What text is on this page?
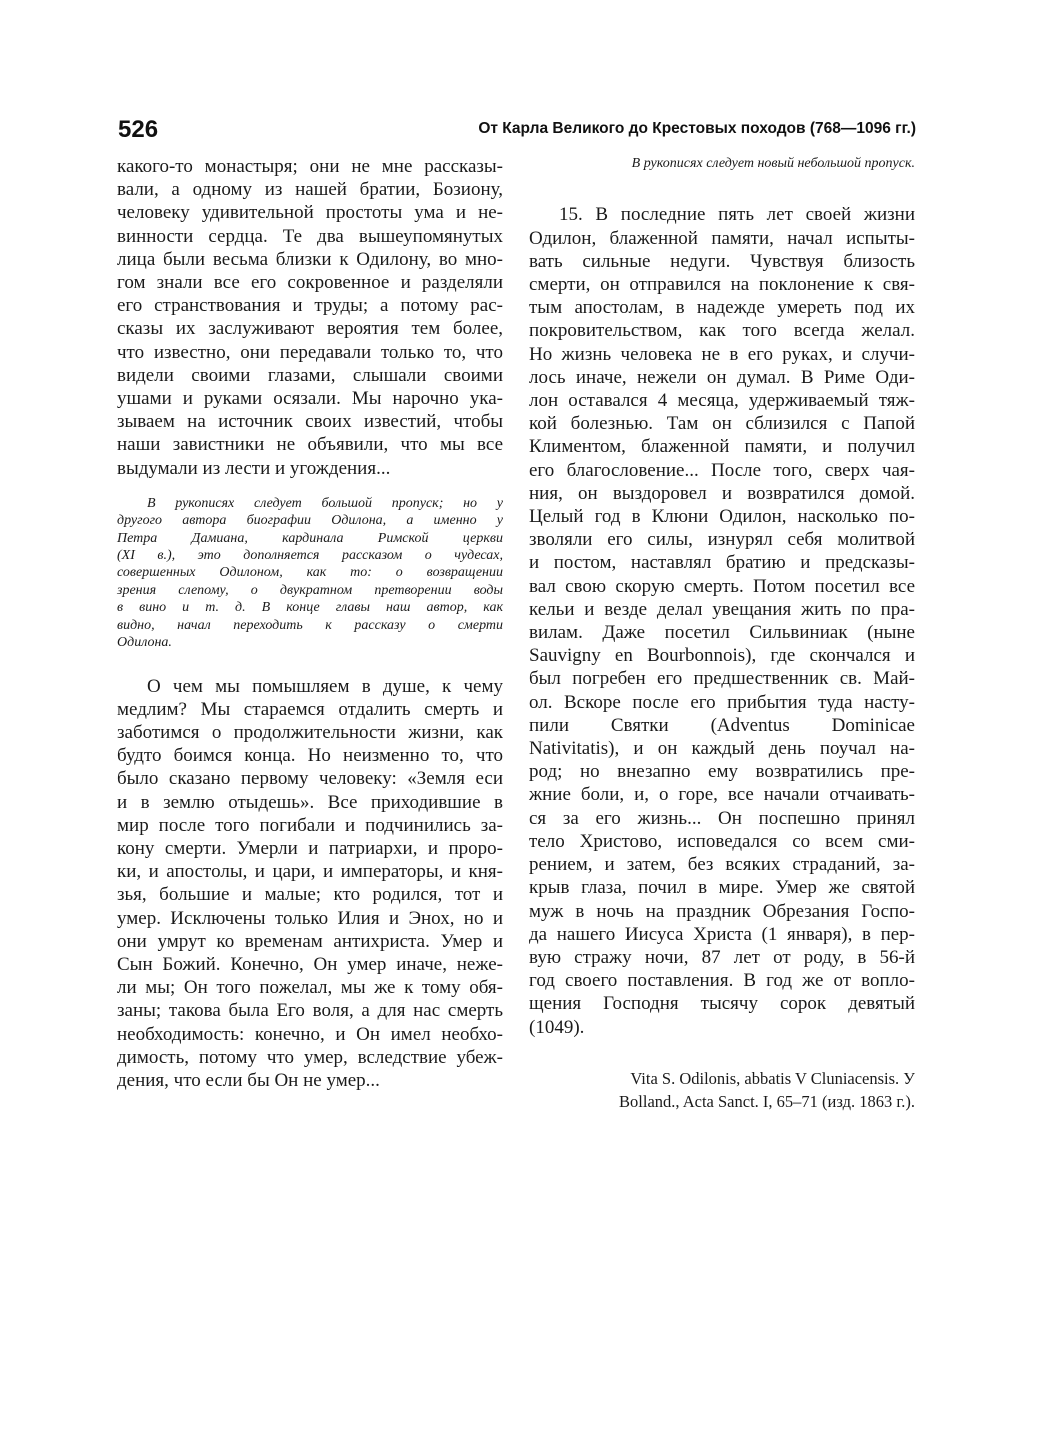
526	От Карла Великого до Крестовых походов (768—1096 гг.)
какого-то монастыря; они не мне рассказы-
вали, а одному из нашей братии, Бозиону,
человеку удивительной простоты ума и не-
винности сердца. Те два вышеупомянутых
лица были весьма близки к Одилону, во мно-
гом знали все его сокровенное и разделяли
его странствования и труды; а потому рас-
сказы их заслуживают вероятия тем более,
что известно, они передавали только то, что
видели своими глазами, слышали своими
ушами и руками осязали. Мы нарочно ука-
зываем на источник своих известий, чтобы
наши завистники не объявили, что мы все
выдумали из лести и угождения...
В рукописях следует большой пропуск; но у
другого автора биографии Одилона, а именно у
Петра Дамиана, кардинала Римской церкви
(XI в.), это дополняется рассказом о чудесах,
совершенных Одилоном, как то: о возвращении
зрения слепому, о двукратном претворении воды
в вино и т. д. В конце главы наш автор, как
видно, начал переходить к рассказу о смерти
Одилона.
О чем мы помышляем в душе, к чему
медлим? Мы стараемся отдалить смерть и
заботимся о продолжительности жизни, как
будто боимся конца. Но неизменно то, что
было сказано первому человеку: «Земля еси
и в землю отыдешь». Все приходившие в
мир после того погибали и подчинились за-
кону смерти. Умерли и патриархи, и проро-
ки, и апостолы, и цари, и императоры, и кня-
зья, большие и малые; кто родился, тот и
умер. Исключены только Илия и Энох, но и
они умрут ко временам антихриста. Умер и
Сын Божий. Конечно, Он умер иначе, неже-
ли мы; Он того пожелал, мы же к тому обя-
заны; такова была Его воля, а для нас смерть
необходимость: конечно, и Он имел необхо-
димость, потому что умер, вследствие убеж-
дения, что если бы Он не умер...
В рукописях следует новый небольшой пропуск.
15. В последние пять лет своей жизни
Одилон, блаженной памяти, начал испыты-
вать сильные недуги. Чувствуя близость
смерти, он отправился на поклонение к свя-
тым апостолам, в надежде умереть под их
покровительством, как того всегда желал.
Но жизнь человека не в его руках, и случи-
лось иначе, нежели он думал. В Риме Оди-
лон оставался 4 месяца, удерживаемый тяж-
кой болезнью. Там он сблизился с Папой
Климентом, блаженной памяти, и получил
его благословение... После того, сверх чая-
ния, он выздоровел и возвратился домой.
Целый год в Клюни Одилон, насколько по-
зволяли его силы, изнурял себя молитвой
и постом, наставлял братию и предсказы-
вал свою скорую смерть. Потом посетил все
кельи и везде делал увещания жить по пра-
вилам. Даже посетил Сильвиниак (ныне
Sauvigny en Bourbonnois), где скончался и
был погребен его предшественник св. Май-
ол. Вскоре после его прибытия туда насту-
пили Святки (Adventus Dominicae
Nativitatis), и он каждый день поучал на-
род; но внезапно ему возвратились пре-
жние боли, и, о горе, все начали отчаивать-
ся за его жизнь... Он поспешно принял
тело Христово, исповедался со всем сми-
рением, и затем, без всяких страданий, за-
крыв глаза, почил в мире. Умер же святой
муж в ночь на праздник Обрезания Госпо-
да нашего Иисуса Христа (1 января), в пер-
вую стражу ночи, 87 лет от роду, в 56-й
год своего поставления. В год же от вопло-
щения Господня тысячу сорок девятый
(1049).
Vita S. Odilonis, abbatis V Cluniacensis. У
Bolland., Acta Sanct. I, 65–71 (изд. 1863 г.).
